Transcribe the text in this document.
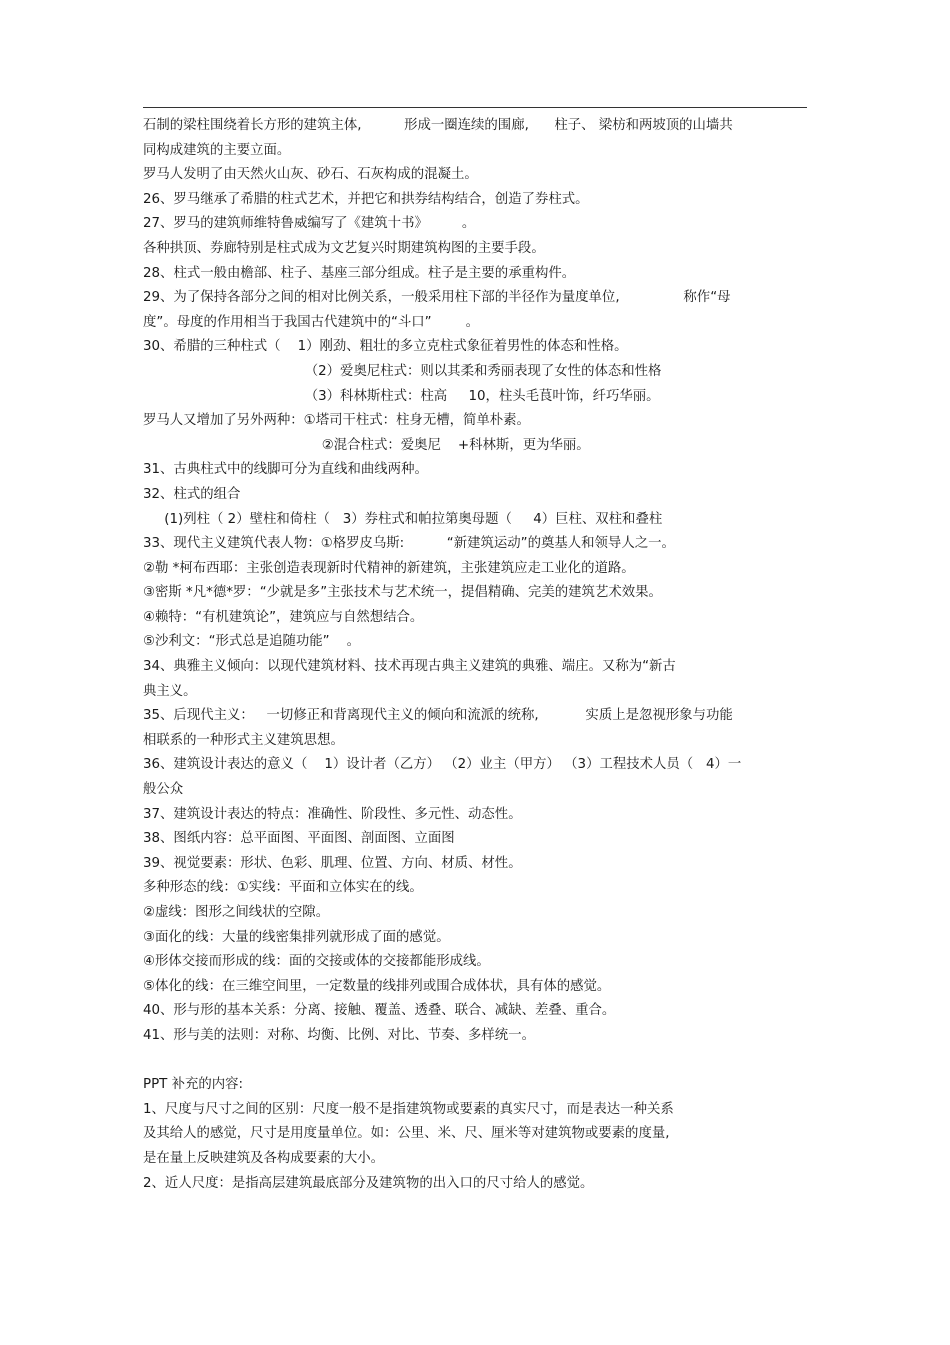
石制的梁柱围绕着长方形的建筑主体,          形成一圈连续的围廊,      柱子、 梁枋和两坡顶的山墙共
同构成建筑的主要立面。
罗马人发明了由天然火山灰、砂石、石灰构成的混凝土。
26、罗马继承了希腊的柱式艺术，并把它和拱券结构结合，创造了券柱式。
27、罗马的建筑师维特鲁威编写了《建筑十书》        。
各种拱顶、券廊特别是柱式成为文艺复兴时期建筑构图的主要手段。
28、柱式一般由檐部、柱子、基座三部分组成。柱子是主要的承重构件。
29、为了保持各部分之间的相对比例关系，一般采用柱下部的半径作为量度单位,               称作“母
度”。母度的作用相当于我国古代建筑中的“斗口”        。
30、希腊的三种柱式（    1）刚劲、粗壮的多立克柱式象征着男性的体态和性格。
（2）爱奥尼柱式：则以其柔和秀丽表现了女性的体态和性格
（3）科林斯柱式：柱高     10，柱头毛茛叶饰，纤巧华丽。
罗马人又增加了另外两种：①塔司干柱式：柱身无槽，简单朴素。
②混合柱式：爱奥尼    +科林斯，更为华丽。
31、古典柱式中的线脚可分为直线和曲线两种。
32、柱式的组合
(1)列柱（ 2）壁柱和倚柱（   3）券柱式和帕拉第奥母题（     4）巨柱、双柱和叠柱
33、现代主义建筑代表人物：①格罗皮乌斯:          “新建筑运动”的奠基人和领导人之一。
②勒 *柯布西耶：主张创造表现新时代精神的新建筑，主张建筑应走工业化的道路。
③密斯 *凡*德*罗：“少就是多”主张技术与艺术统一，提倡精确、完美的建筑艺术效果。
④赖特：“有机建筑论”，建筑应与自然想结合。
⑤沙利文：“形式总是追随功能”    。
34、典雅主义倾向：以现代建筑材料、技术再现古典主义建筑的典雅、端庄。又称为“新古
典主义。
35、后现代主义：   一切修正和背离现代主义的倾向和流派的统称,           实质上是忽视形象与功能
相联系的一种形式主义建筑思想。
36、建筑设计表达的意义（    1）设计者（乙方） （2）业主（甲方） （3）工程技术人员（   4）一
般公众
37、建筑设计表达的特点：准确性、阶段性、多元性、动态性。
38、图纸内容：总平面图、平面图、剖面图、立面图
39、视觉要素：形状、色彩、肌理、位置、方向、材质、材性。
多种形态的线：①实线：平面和立体实在的线。
②虚线：图形之间线状的空隙。
③面化的线：大量的线密集排列就形成了面的感觉。
④形体交接而形成的线：面的交接或体的交接都能形成线。
⑤体化的线：在三维空间里，一定数量的线排列或围合成体状，具有体的感觉。
40、形与形的基本关系：分离、接触、覆盖、透叠、联合、减缺、差叠、重合。
41、形与美的法则：对称、均衡、比例、对比、节奏、多样统一。
PPT 补充的内容:
1、尺度与尺寸之间的区别：尺度一般不是指建筑物或要素的真实尺寸，而是表达一种关系
及其给人的感觉，尺寸是用度量单位。如：公里、米、尺、厘米等对建筑物或要素的度量,
是在量上反映建筑及各构成要素的大小。
2、近人尺度：是指高层建筑最底部分及建筑物的出入口的尺寸给人的感觉。
